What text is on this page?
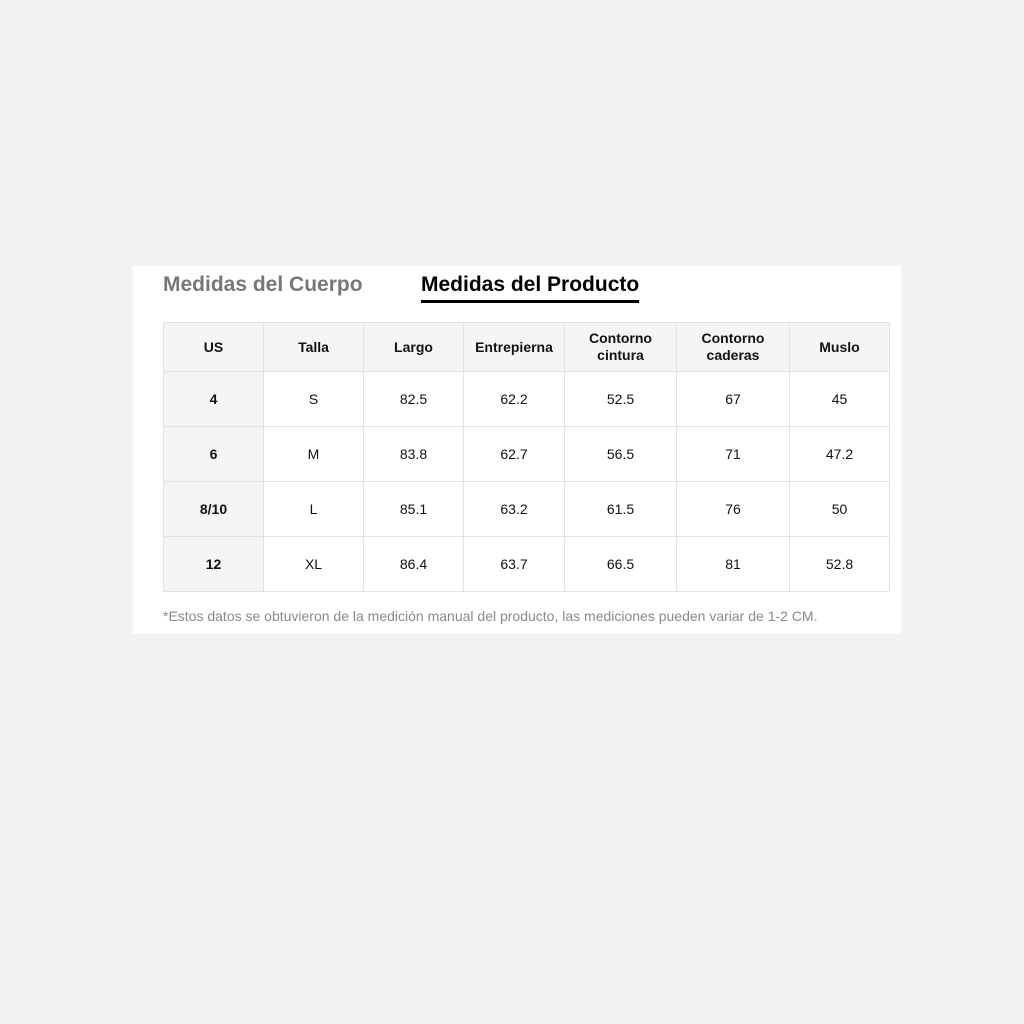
Medidas del Cuerpo	Medidas del Producto
US	Talla	Largo	Entrepierna	Contorno cintura	Contorno caderas	Muslo
4	S	82.5	62.2	52.5	67	45
6	M	83.8	62.7	56.5	71	47.2
8/10	L	85.1	63.2	61.5	76	50
12	XL	86.4	63.7	66.5	81	52.8
*Estos datos se obtuvieron de la medición manual del producto, las mediciones pueden variar de 1-2 CM.
